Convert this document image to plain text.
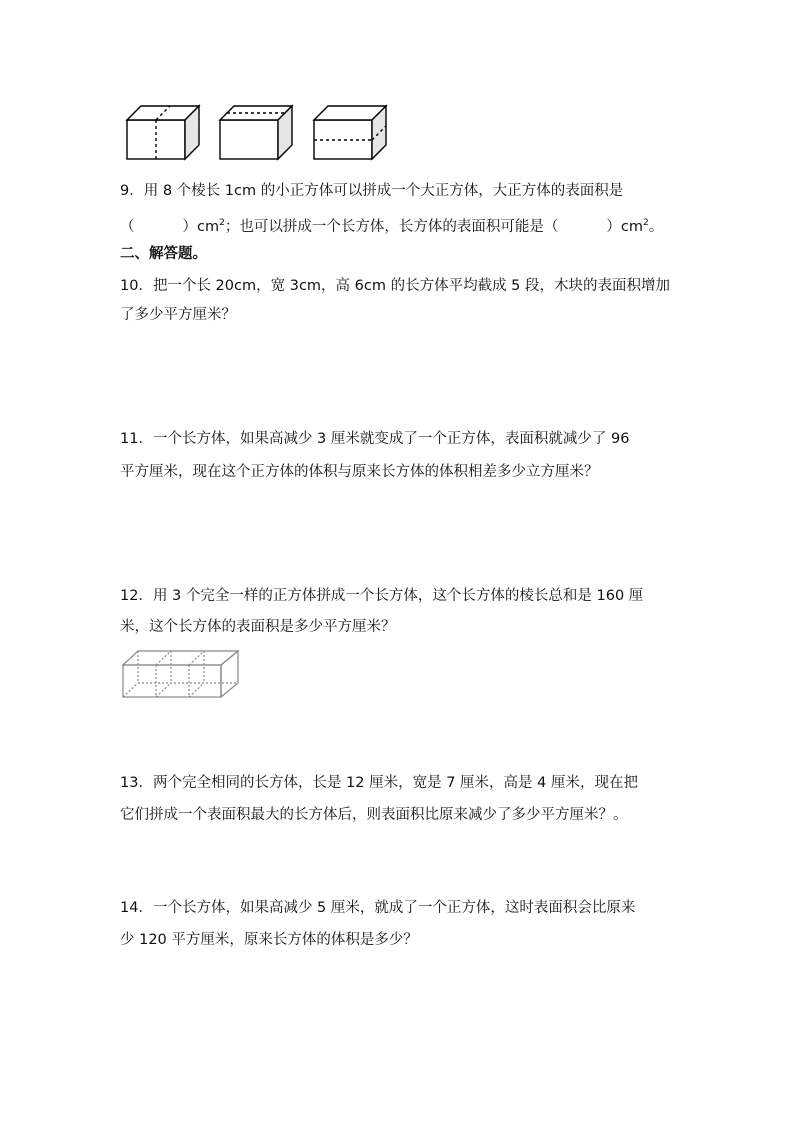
9．用 8 个棱长 1cm 的小正方体可以拼成一个大正方体，大正方体的表面积是
（	）$cm^2$；也可以拼成一个长方体，长方体的表面积可能是（	）$cm^2$。
二、解答题。
10．把一个长 20cm，宽 3cm，高 6cm 的长方体平均截成 5 段，木块的表面积增加
了多少平方厘米？
11．一个长方体，如果高减少 3 厘米就变成了一个正方体，表面积就减少了 96
平方厘米，现在这个正方体的体积与原来长方体的体积相差多少立方厘米？
12．用 3 个完全一样的正方体拼成一个长方体，这个长方体的棱长总和是 160 厘
米，这个长方体的表面积是多少平方厘米？
13．两个完全相同的长方体，长是 12 厘米，宽是 7 厘米，高是 4 厘米，现在把
它们拼成一个表面积最大的长方体后，则表面积比原来减少了多少平方厘米？。
14．一个长方体，如果高减少 5 厘米，就成了一个正方体，这时表面积会比原来
少 120 平方厘米，原来长方体的体积是多少？
